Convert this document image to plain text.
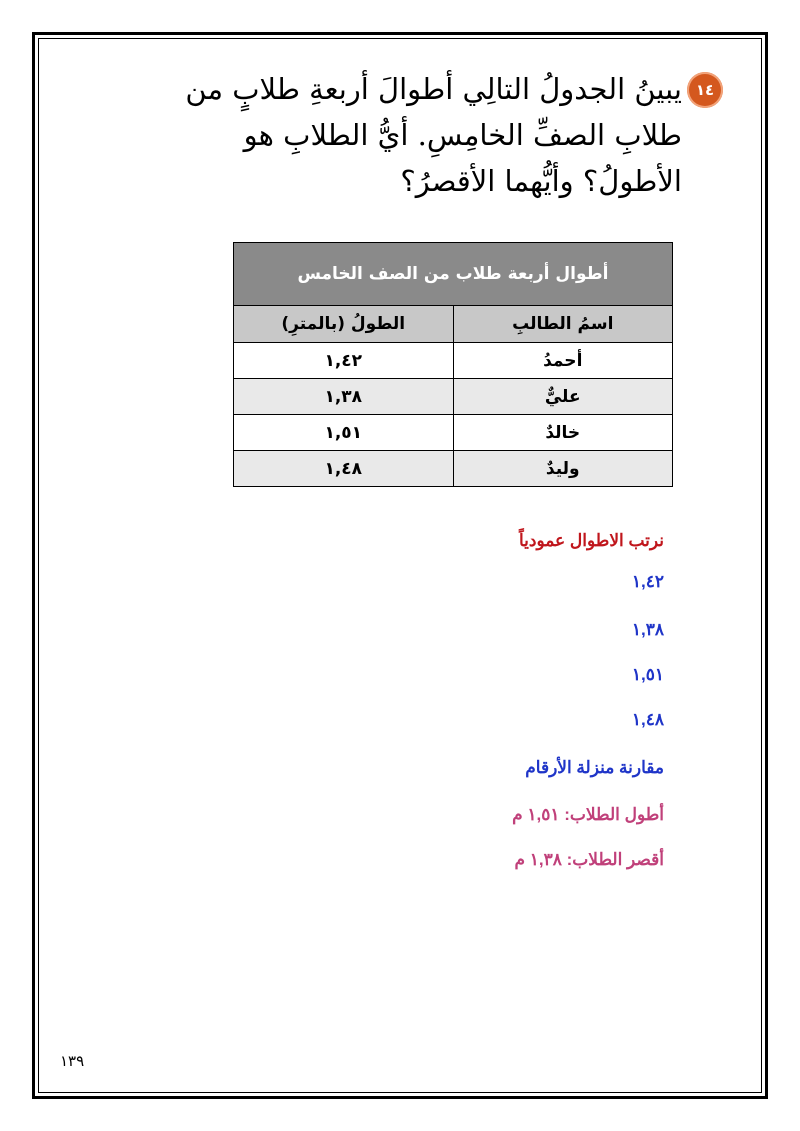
١٤
يبينُ الجدولُ التالِي أطوالَ أربعةِ طلابٍ من
طلابِ الصفِّ الخامِسِ. أيُّ الطلابِ هو
الأطولُ؟ وأيُّهما الأقصرُ؟
أطوال أربعة طلاب من الصف الخامس	
اسمُ الطالبِ	الطولُ (بالمترِ)
أحمدُ	١,٤٢
عليٌّ	١,٣٨
خالدٌ	١,٥١
وليدٌ	١,٤٨
نرتب الاطوال عمودياً
١,٤٢
١,٣٨
١,٥١
١,٤٨
مقارنة منزلة الأرقام
أطول الطلاب: ١,٥١ م
أقصر الطلاب: ١,٣٨ م
١٣٩
